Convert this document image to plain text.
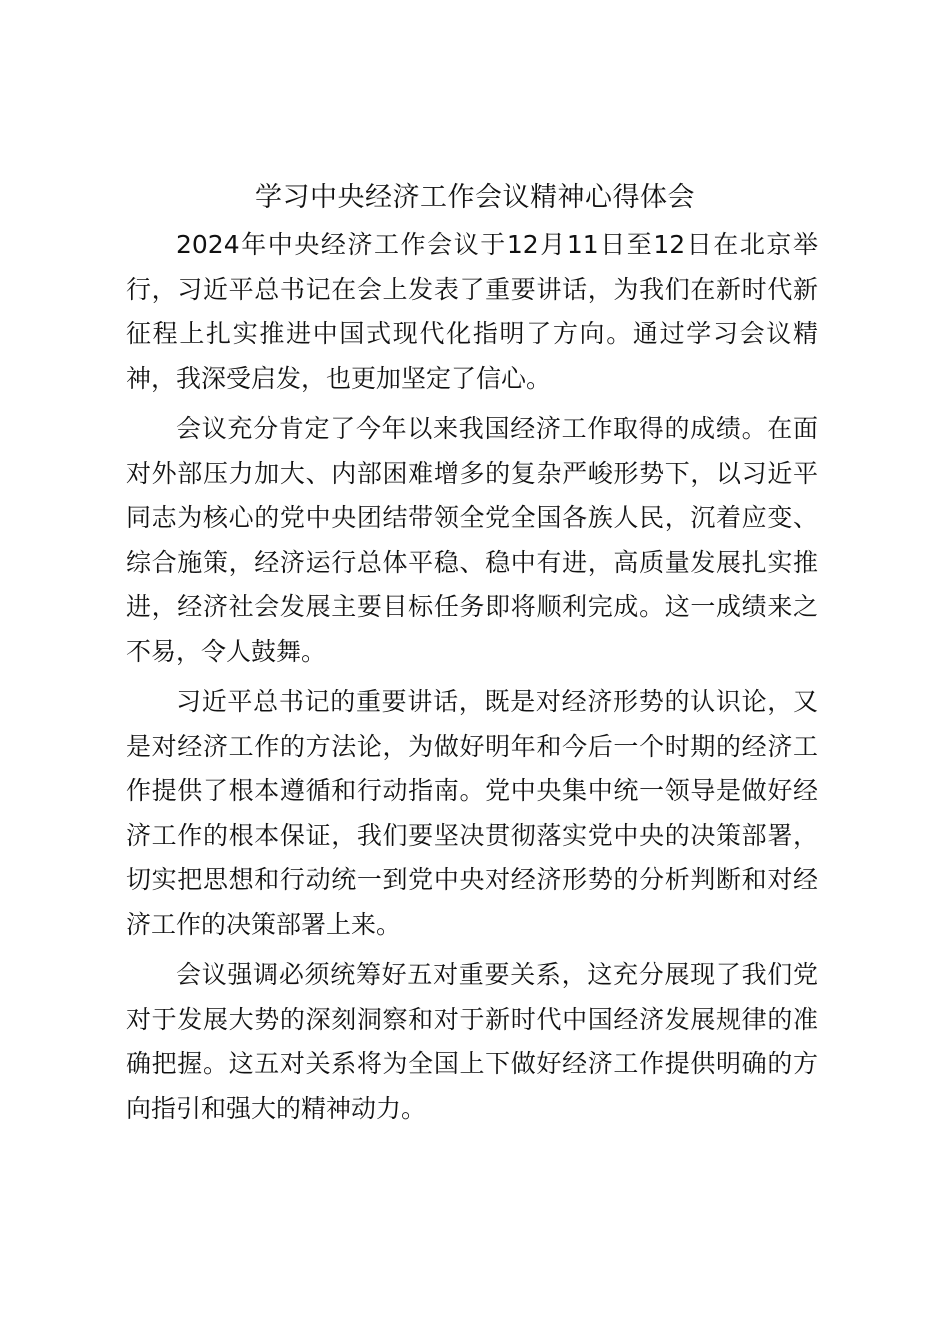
学习中央经济工作会议精神心得体会

2024年中央经济工作会议于12月11日至12日在北京举行，习近平总书记在会上发表了重要讲话，为我们在新时代新征程上扎实推进中国式现代化指明了方向。通过学习会议精神，我深受启发，也更加坚定了信心。

会议充分肯定了今年以来我国经济工作取得的成绩。在面对外部压力加大、内部困难增多的复杂严峻形势下，以习近平同志为核心的党中央团结带领全党全国各族人民，沉着应变、综合施策，经济运行总体平稳、稳中有进，高质量发展扎实推进，经济社会发展主要目标任务即将顺利完成。这一成绩来之不易，令人鼓舞。

习近平总书记的重要讲话，既是对经济形势的认识论，又是对经济工作的方法论，为做好明年和今后一个时期的经济工作提供了根本遵循和行动指南。党中央集中统一领导是做好经济工作的根本保证，我们要坚决贯彻落实党中央的决策部署，切实把思想和行动统一到党中央对经济形势的分析判断和对经济工作的决策部署上来。

会议强调必须统筹好五对重要关系，这充分展现了我们党对于发展大势的深刻洞察和对于新时代中国经济发展规律的准确把握。这五对关系将为全国上下做好经济工作提供明确的方向指引和强大的精神动力。
